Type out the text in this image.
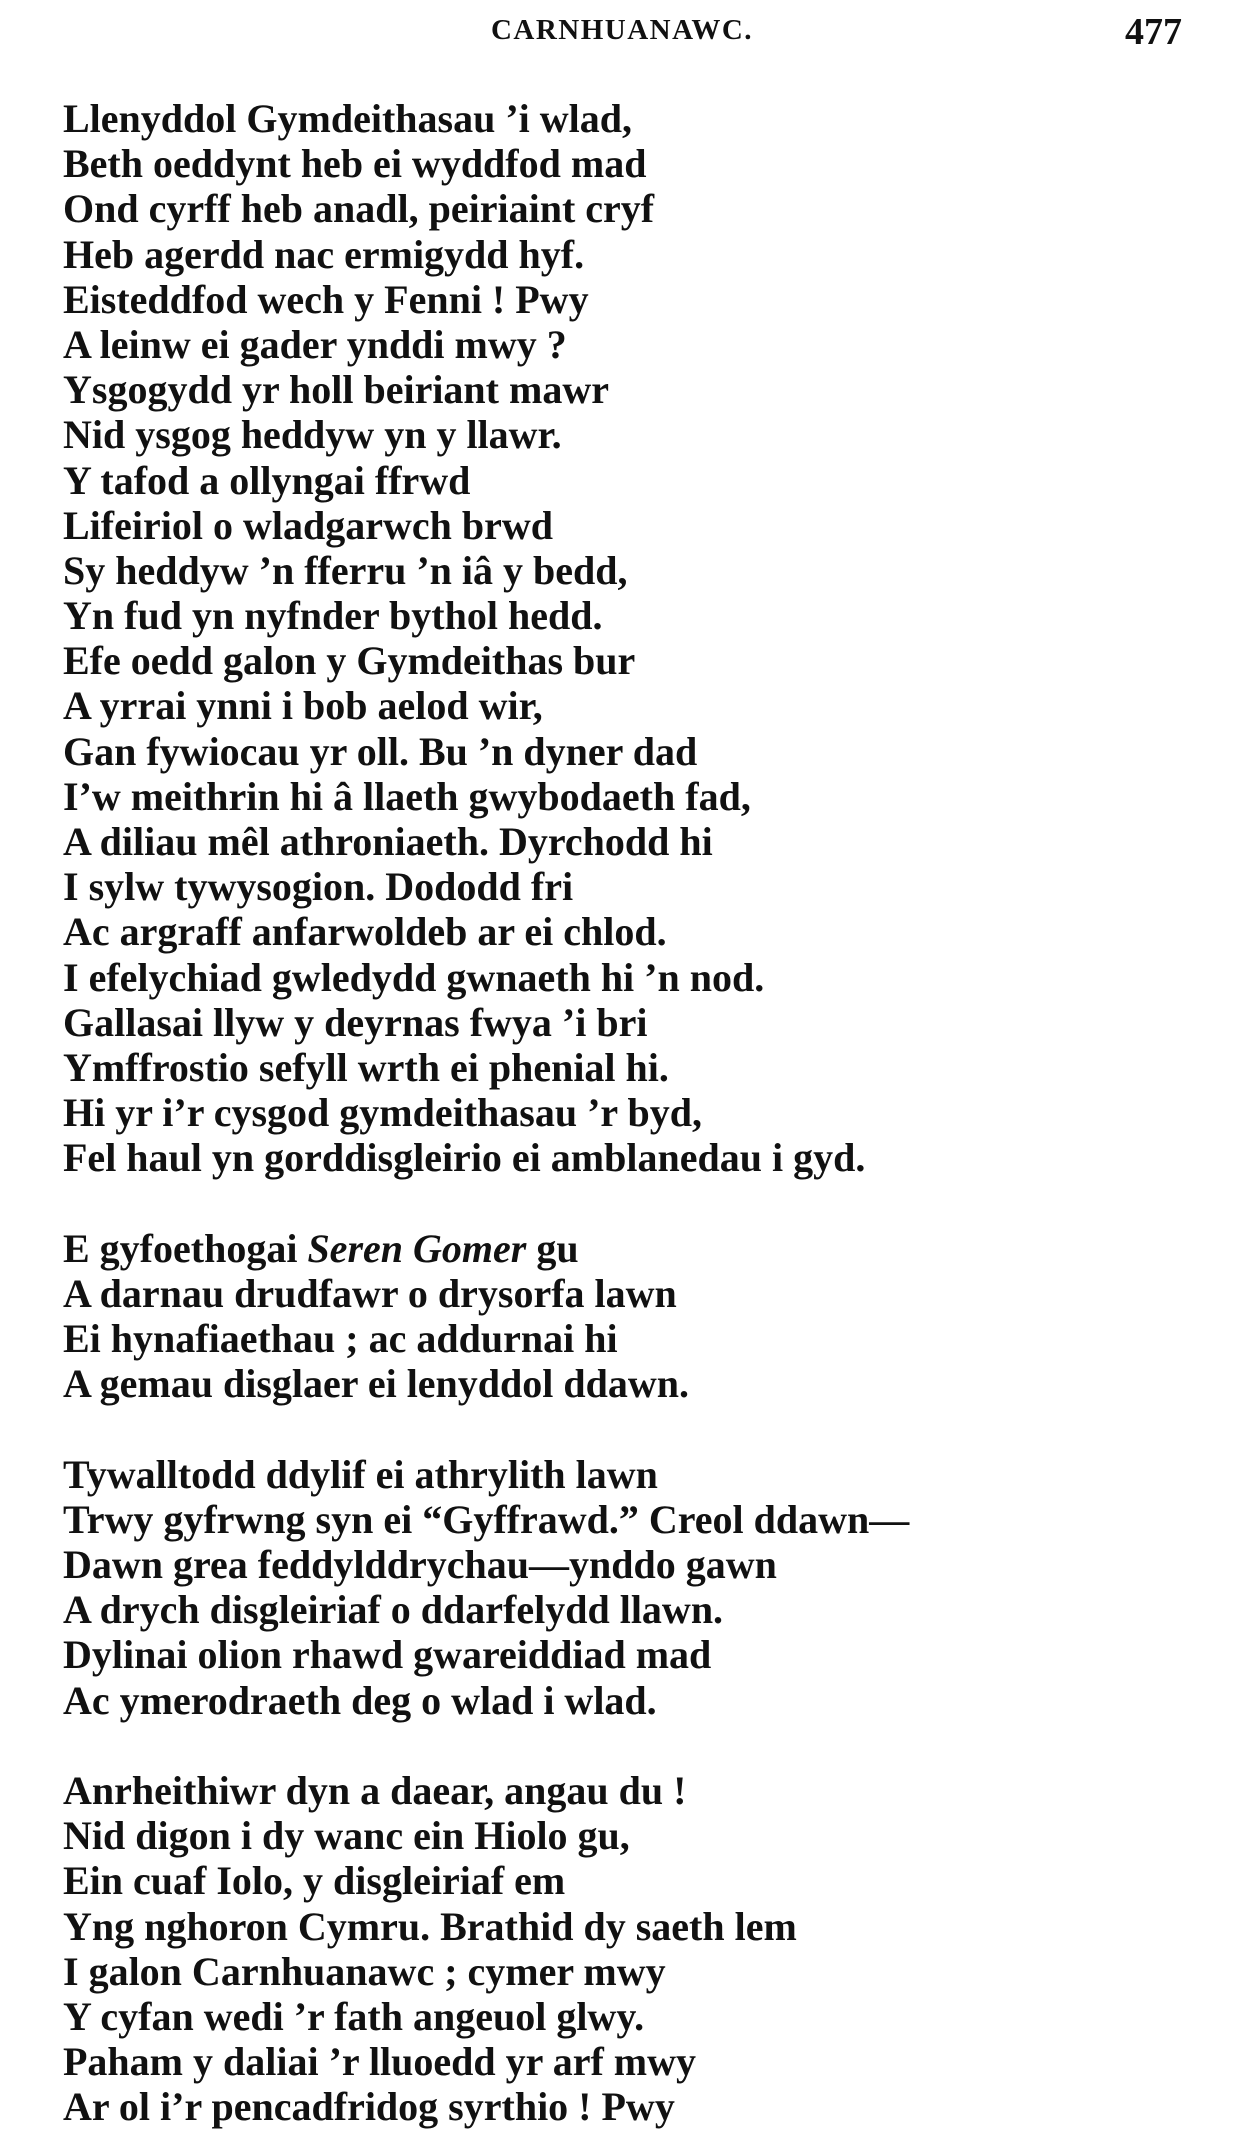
CARNHUANAWC.	477
Llenyddol Gymdeithasau ’i wlad,
Beth oeddynt heb ei wyddfod mad
Ond cyrff heb anadl, peiriaint cryf
Heb agerdd nac ermigydd hyf.
Eisteddfod wech y Fenni ! Pwy
A leinw ei gader ynddi mwy ?
Ysgogydd yr holl beiriant mawr
Nid ysgog heddyw yn y llawr.
Y tafod a ollyngai ffrwd
Lifeiriol o wladgarwch brwd
Sy heddyw ’n fferru ’n iâ y bedd,
Yn fud yn nyfnder bythol hedd.
Efe oedd galon y Gymdeithas bur
A yrrai ynni i bob aelod wir,
Gan fywiocau yr oll. Bu ’n dyner dad
I’w meithrin hi â llaeth gwybodaeth fad,
A diliau mêl athroniaeth. Dyrchodd hi
I sylw tywysogion. Dododd fri
Ac argraff anfarwoldeb ar ei chlod.
I efelychiad gwledydd gwnaeth hi ’n nod.
Gallasai llyw y deyrnas fwya ’i bri
Ymffrostio sefyll wrth ei phenial hi.
Hi yr i’r cysgod gymdeithasau ’r byd,
Fel haul yn gorddisgleirio ei amblanedau i gyd.
E gyfoethogai Seren Gomer gu
A darnau drudfawr o drysorfa lawn
Ei hynafiaethau ; ac addurnai hi
A gemau disglaer ei lenyddol ddawn.
Tywalltodd ddylif ei athrylith lawn
Trwy gyfrwng syn ei “Gyffrawd.” Creol ddawn—
Dawn grea feddylddrychau—ynddo gawn
A drych disgleiriaf o ddarfelydd llawn.
Dylinai olion rhawd gwareiddiad mad
Ac ymerodraeth deg o wlad i wlad.
Anrheithiwr dyn a daear, angau du !
Nid digon i dy wanc ein Hiolo gu,
Ein cuaf Iolo, y disgleiriaf em
Yng nghoron Cymru. Brathid dy saeth lem
I galon Carnhuanawc ; cymer mwy
Y cyfan wedi ’r fath angeuol glwy.
Paham y daliai ’r lluoedd yr arf mwy
Ar ol i’r pencadfridog syrthio ! Pwy
